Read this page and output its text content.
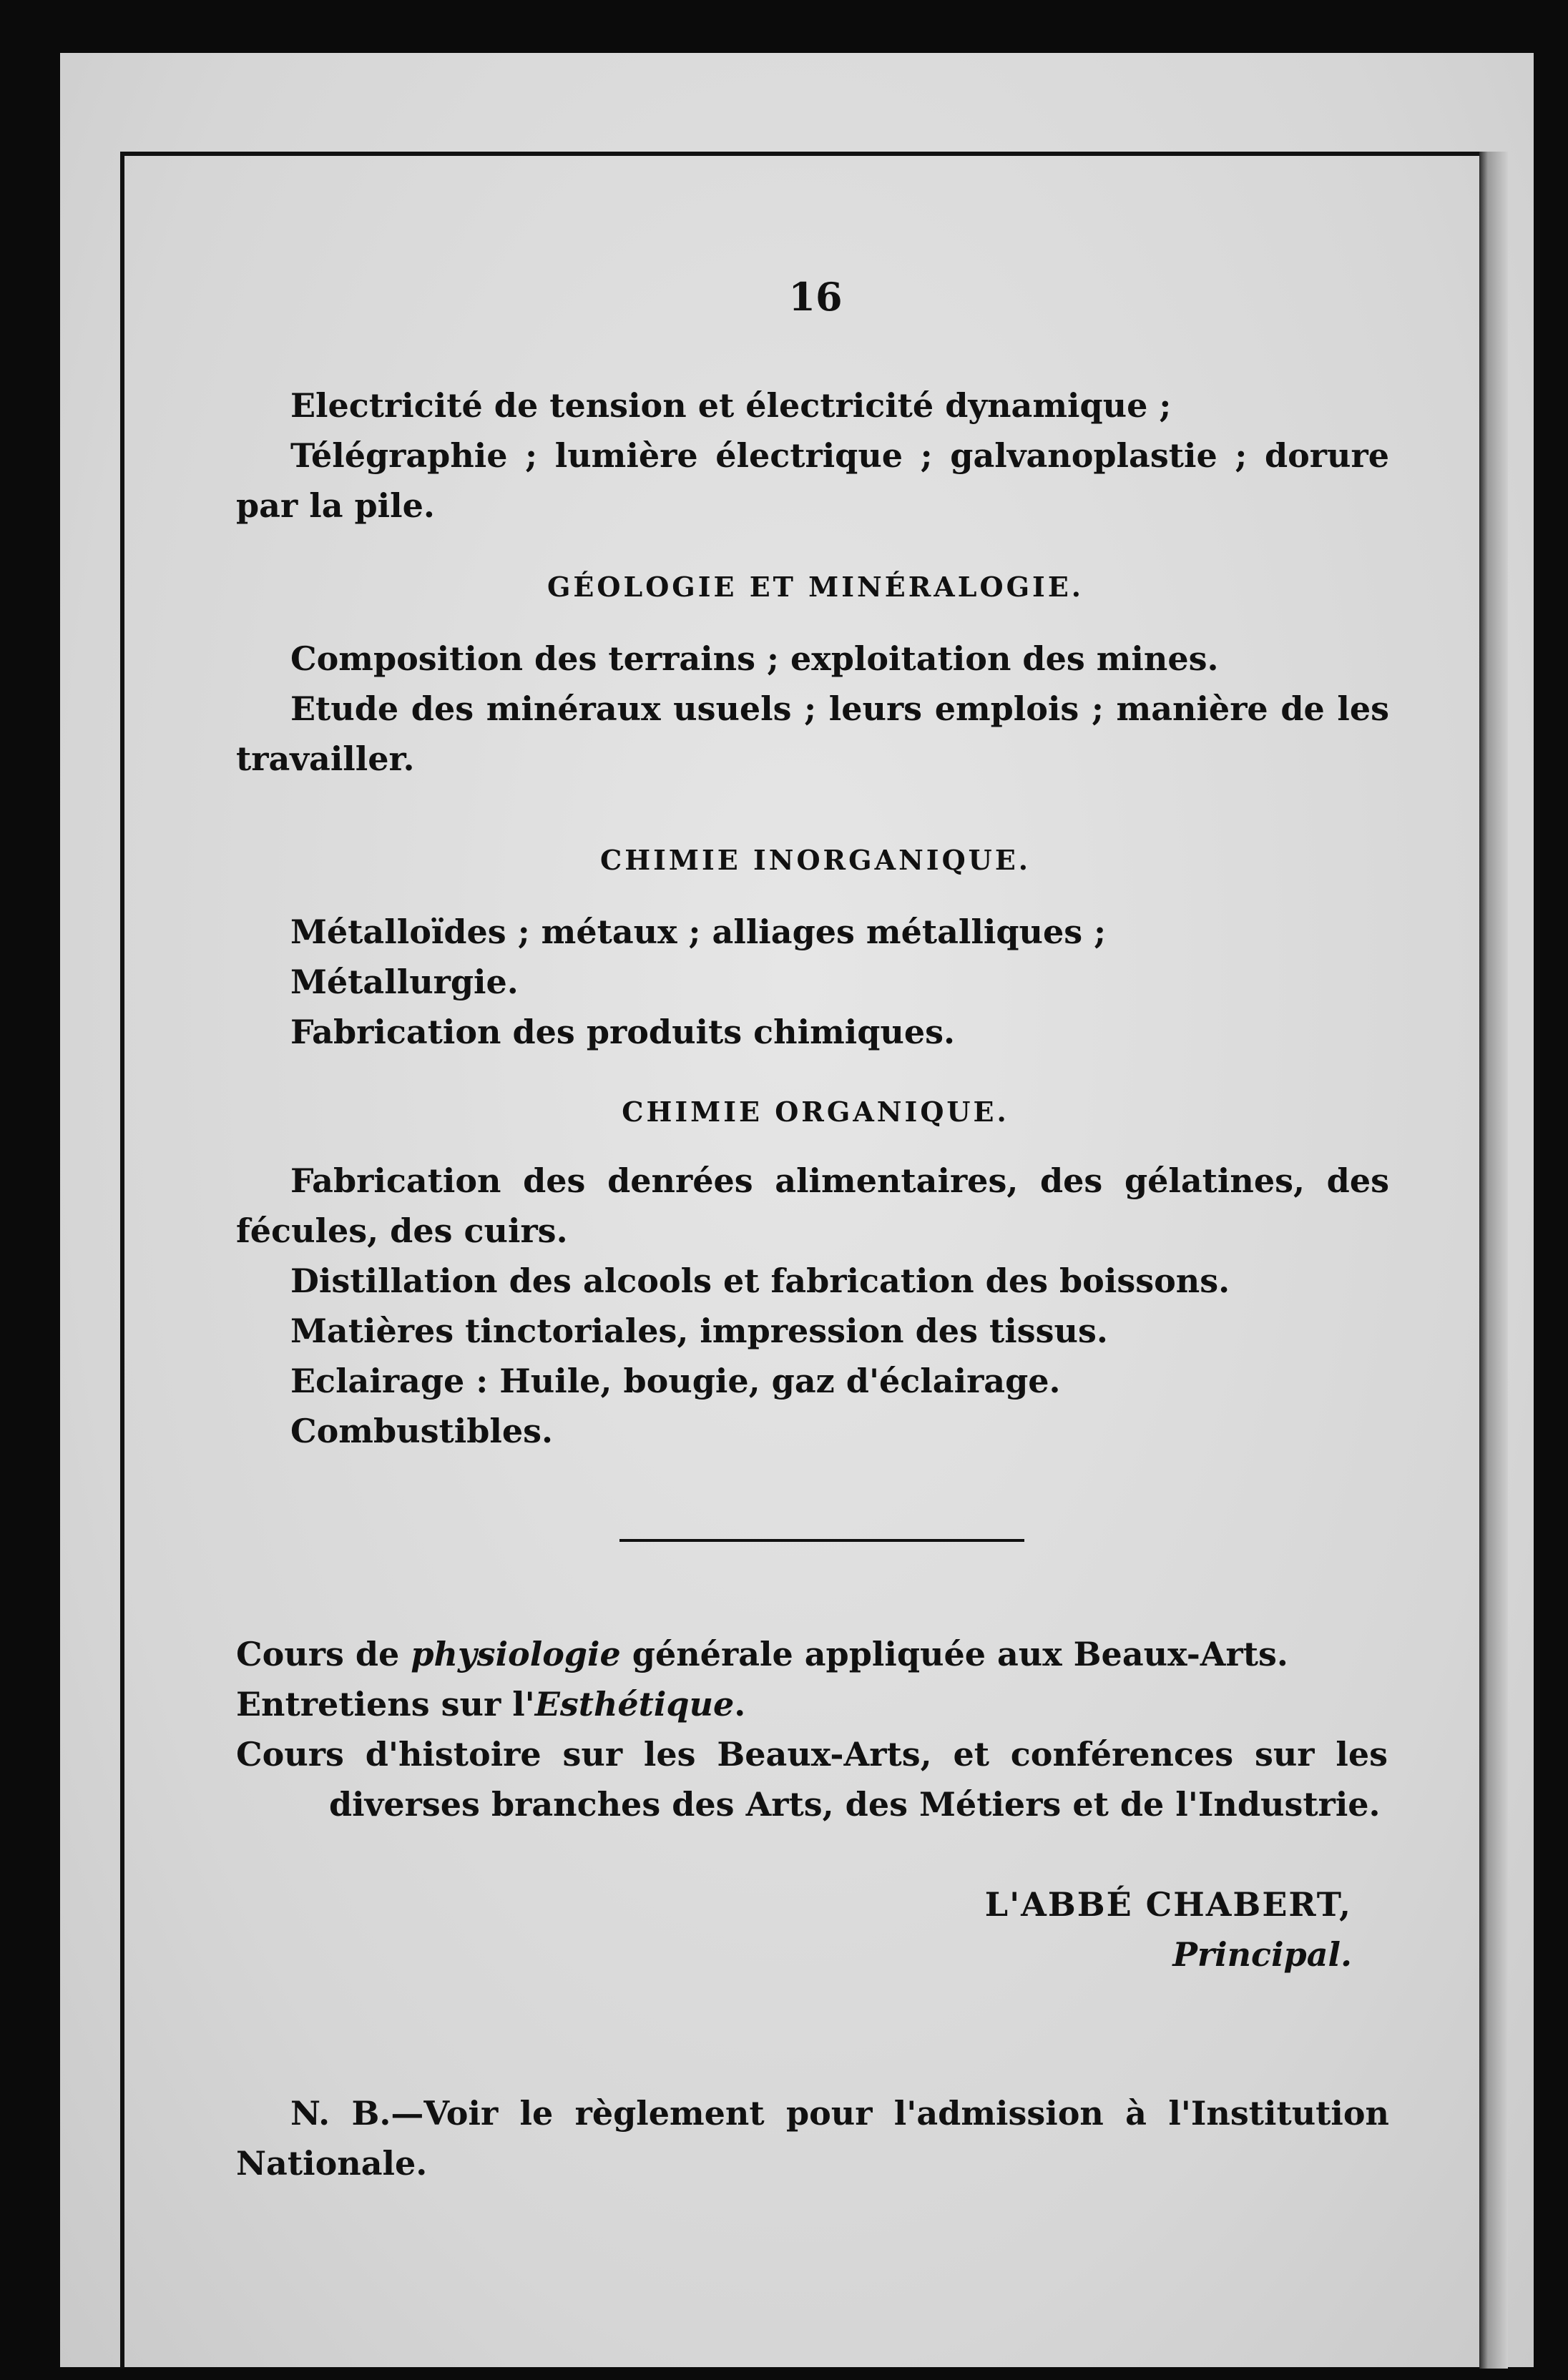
16
Electricité de tension et électricité dynamique ;
Télégraphie ; lumière électrique ; galvanoplastie ; dorure
par la pile.
GÉOLOGIE ET MINÉRALOGIE.
Composition des terrains ; exploitation des mines.
Etude des minéraux usuels ; leurs emplois ; manière de les
travailler.
CHIMIE INORGANIQUE.
Métalloïdes ; métaux ; alliages métalliques ;
Métallurgie.
Fabrication des produits chimiques.
CHIMIE ORGANIQUE.
Fabrication des denrées alimentaires, des gélatines, des
fécules, des cuirs.
Distillation des alcools et fabrication des boissons.
Matières tinctoriales, impression des tissus.
Eclairage : Huile, bougie, gaz d'éclairage.
Combustibles.
Cours de physiologie générale appliquée aux Beaux-Arts.
Entretiens sur l'Esthétique.
Cours d'histoire sur les Beaux-Arts, et conférences sur les
diverses branches des Arts, des Métiers et de l'Industrie.
L'ABBÉ CHABERT,
Principal.
N. B.—Voir le règlement pour l'admission à l'Institution
Nationale.
